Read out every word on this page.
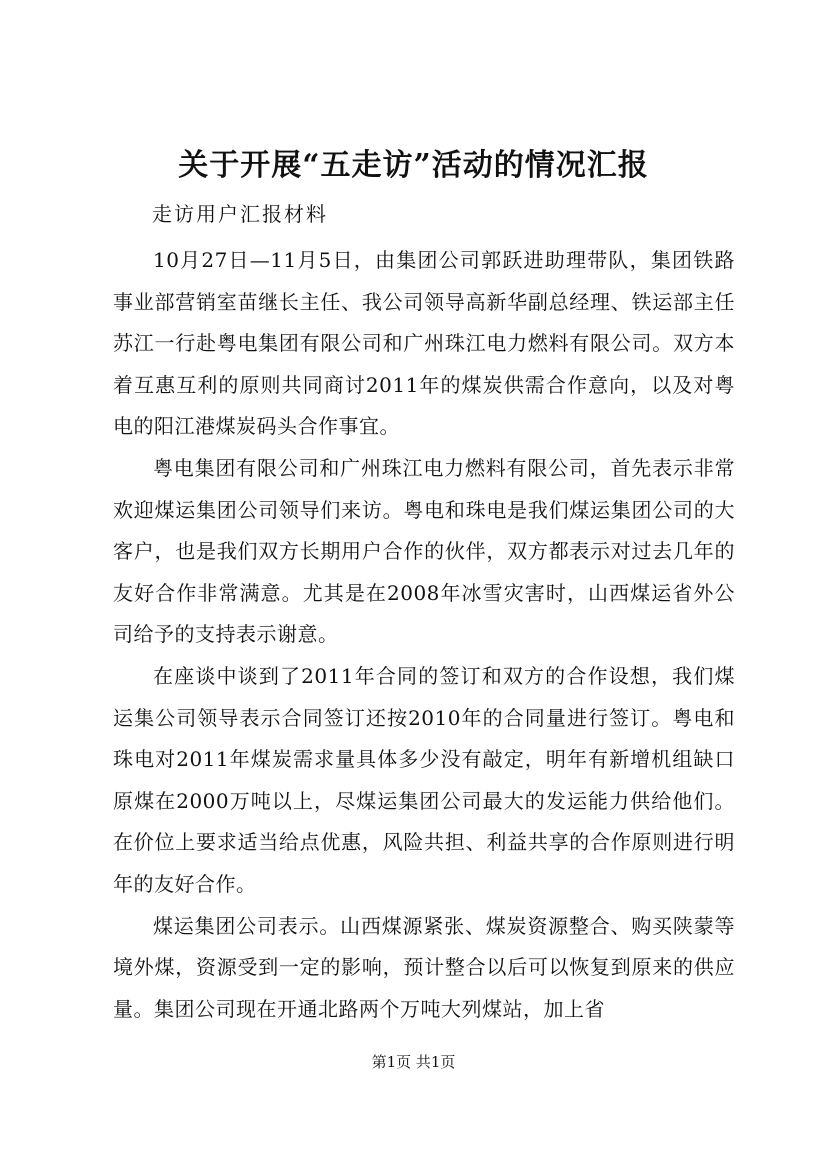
关于开展“五走访”活动的情况汇报
走访用户汇报材料

10月27日—11月5日，由集团公司郭跃进助理带队，集团铁路事业部营销室苗继长主任、我公司领导高新华副总经理、铁运部主任苏江一行赴粤电集团有限公司和广州珠江电力燃料有限公司。双方本着互惠互利的原则共同商讨2011年的煤炭供需合作意向，以及对粤电的阳江港煤炭码头合作事宜。

粤电集团有限公司和广州珠江电力燃料有限公司，首先表示非常欢迎煤运集团公司领导们来访。粤电和珠电是我们煤运集团公司的大客户，也是我们双方长期用户合作的伙伴，双方都表示对过去几年的友好合作非常满意。尤其是在2008年冰雪灾害时，山西煤运省外公司给予的支持表示谢意。

在座谈中谈到了2011年合同的签订和双方的合作设想，我们煤运集公司领导表示合同签订还按2010年的合同量进行签订。粤电和珠电对2011年煤炭需求量具体多少没有敲定，明年有新增机组缺口原煤在2000万吨以上，尽煤运集团公司最大的发运能力供给他们。在价位上要求适当给点优惠，风险共担、利益共享的合作原则进行明年的友好合作。

煤运集团公司表示。山西煤源紧张、煤炭资源整合、购买陕蒙等境外煤，资源受到一定的影响，预计整合以后可以恢复到原来的供应量。集团公司现在开通北路两个万吨大列煤站，加上省

第1页 共1页
